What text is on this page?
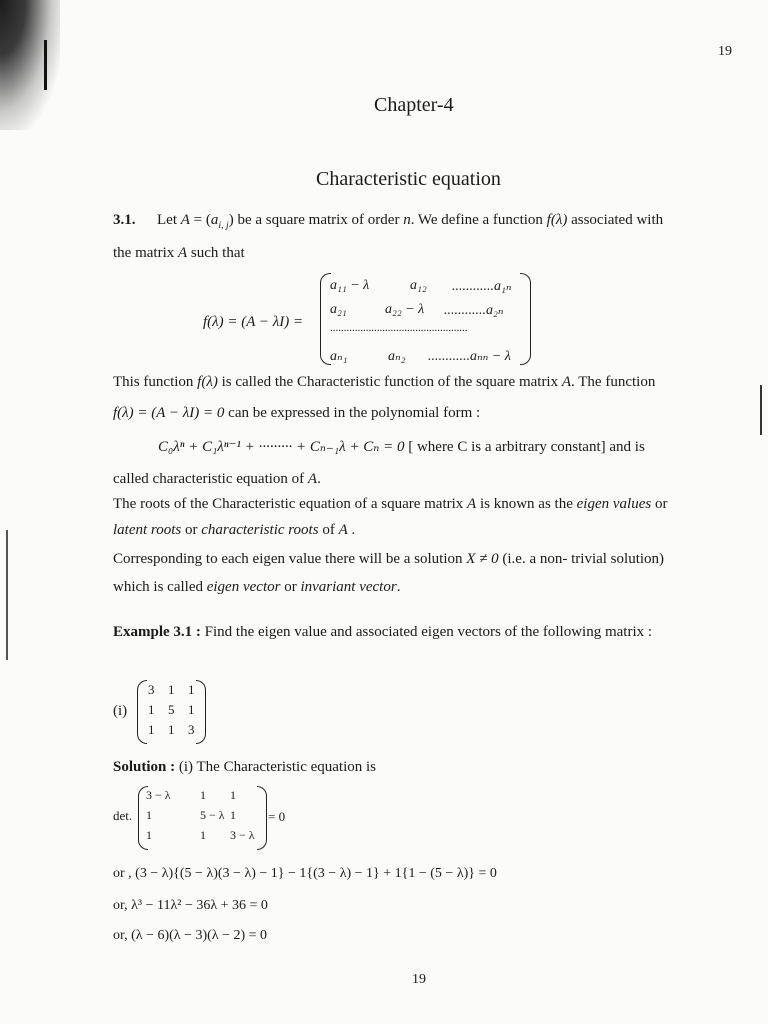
19
Chapter-4
Characteristic equation
3.1. Let $A = (a_{i, j})$ be a square matrix of order n. We define a function f(λ) associated with
the matrix A such that
f(λ) = (A − λI) =
a₁₁ − λ	a₁₂ ............a₁ₙ
a₂₁	a₂₂ − λ ............a₂ₙ
..................................................
aₙ₁	aₙ₂ ............aₙₙ − λ
This function f(λ) is called the Characteristic function of the square matrix A. The function
f(λ) = (A − λI) = 0 can be expressed in the polynomial form :
C₀λⁿ + C₁λⁿ⁻¹ + ········· + Cₙ₋₁λ + Cₙ = 0 [ where C is a arbitrary constant] and is
called characteristic equation of A.
The roots of the Characteristic equation of a square matrix A is known as the eigen values or
latent roots or characteristic roots of A .
Corresponding to each eigen value there will be a solution X ≠ 0 (i.e. a non- trivial solution)
which is called eigen vector or invariant vector.
Example 3.1 : Find the eigen value and associated eigen vectors of the following matrix :
(i)
3 1 1
1 5 1
1 1 3
Solution : (i) The Characteristic equation is
det.
3 − λ 1 1
1	5 − λ 1
1	1 3 − λ
= 0
or , (3 − λ){(5 − λ)(3 − λ) − 1} − 1{(3 − λ) − 1} + 1{1 − (5 − λ)} = 0
or, λ³ − 11λ² − 36λ + 36 = 0
or, (λ − 6)(λ − 3)(λ − 2) = 0
19
